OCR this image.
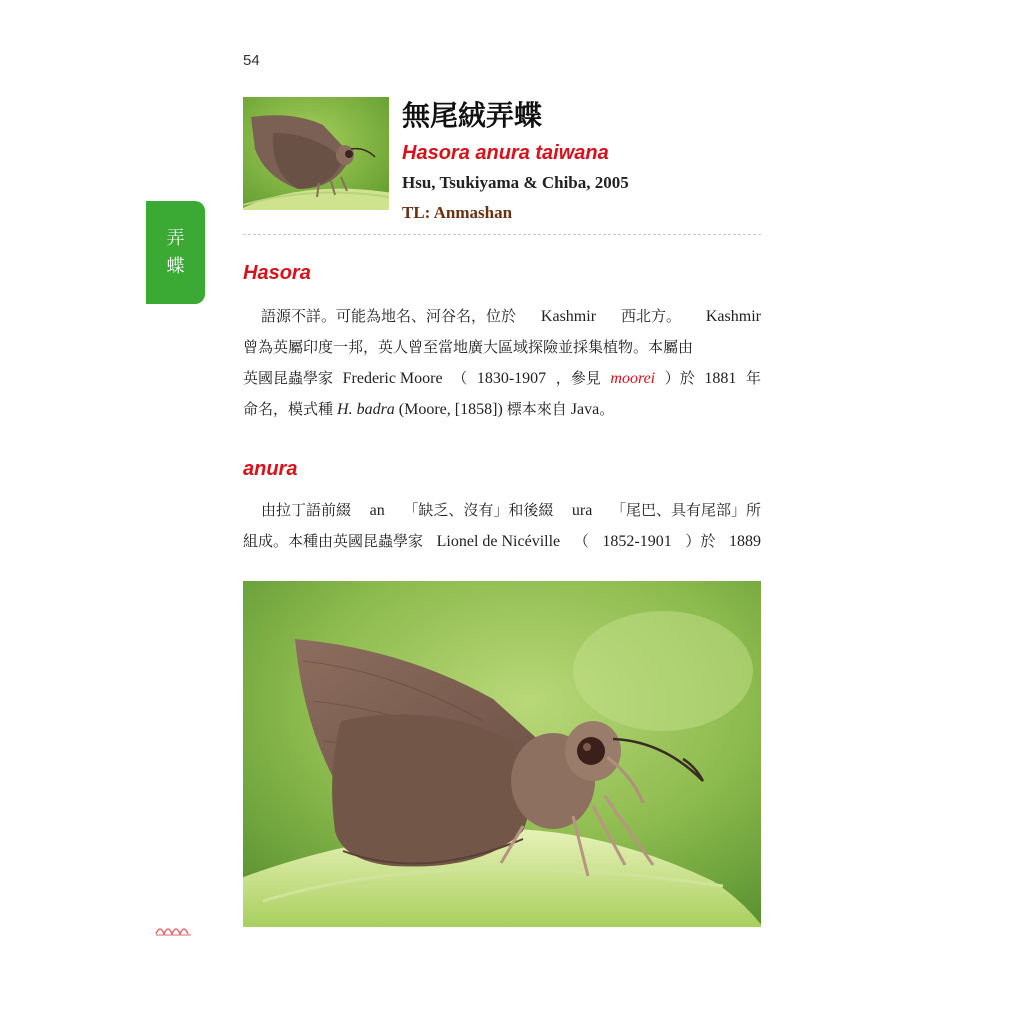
54
弄
蝶
無尾絨弄蝶
Hasora anura taiwana
Hsu, Tsukiyama & Chiba, 2005
TL: Anmashan
Hasora
語源不詳。可能為地名、河谷名，位於 Kashmir 西北方。 Kashmir
曾為英屬印度一邦，英人曾至當地廣大區域探險並採集植物。本屬由
英國昆蟲學家 Frederic Moore （ 1830-1907 ，參見 moorei ）於 1881 年
命名，模式種 H. badra (Moore, [1858]) 標本來自 Java 。
anura
由拉丁語前綴 an 「缺乏、沒有」和後綴 ura 「尾巴、具有尾部」所
組成。本種由英國昆蟲學家 Lionel de Nicéville （ 1852-1901 ）於 1889
